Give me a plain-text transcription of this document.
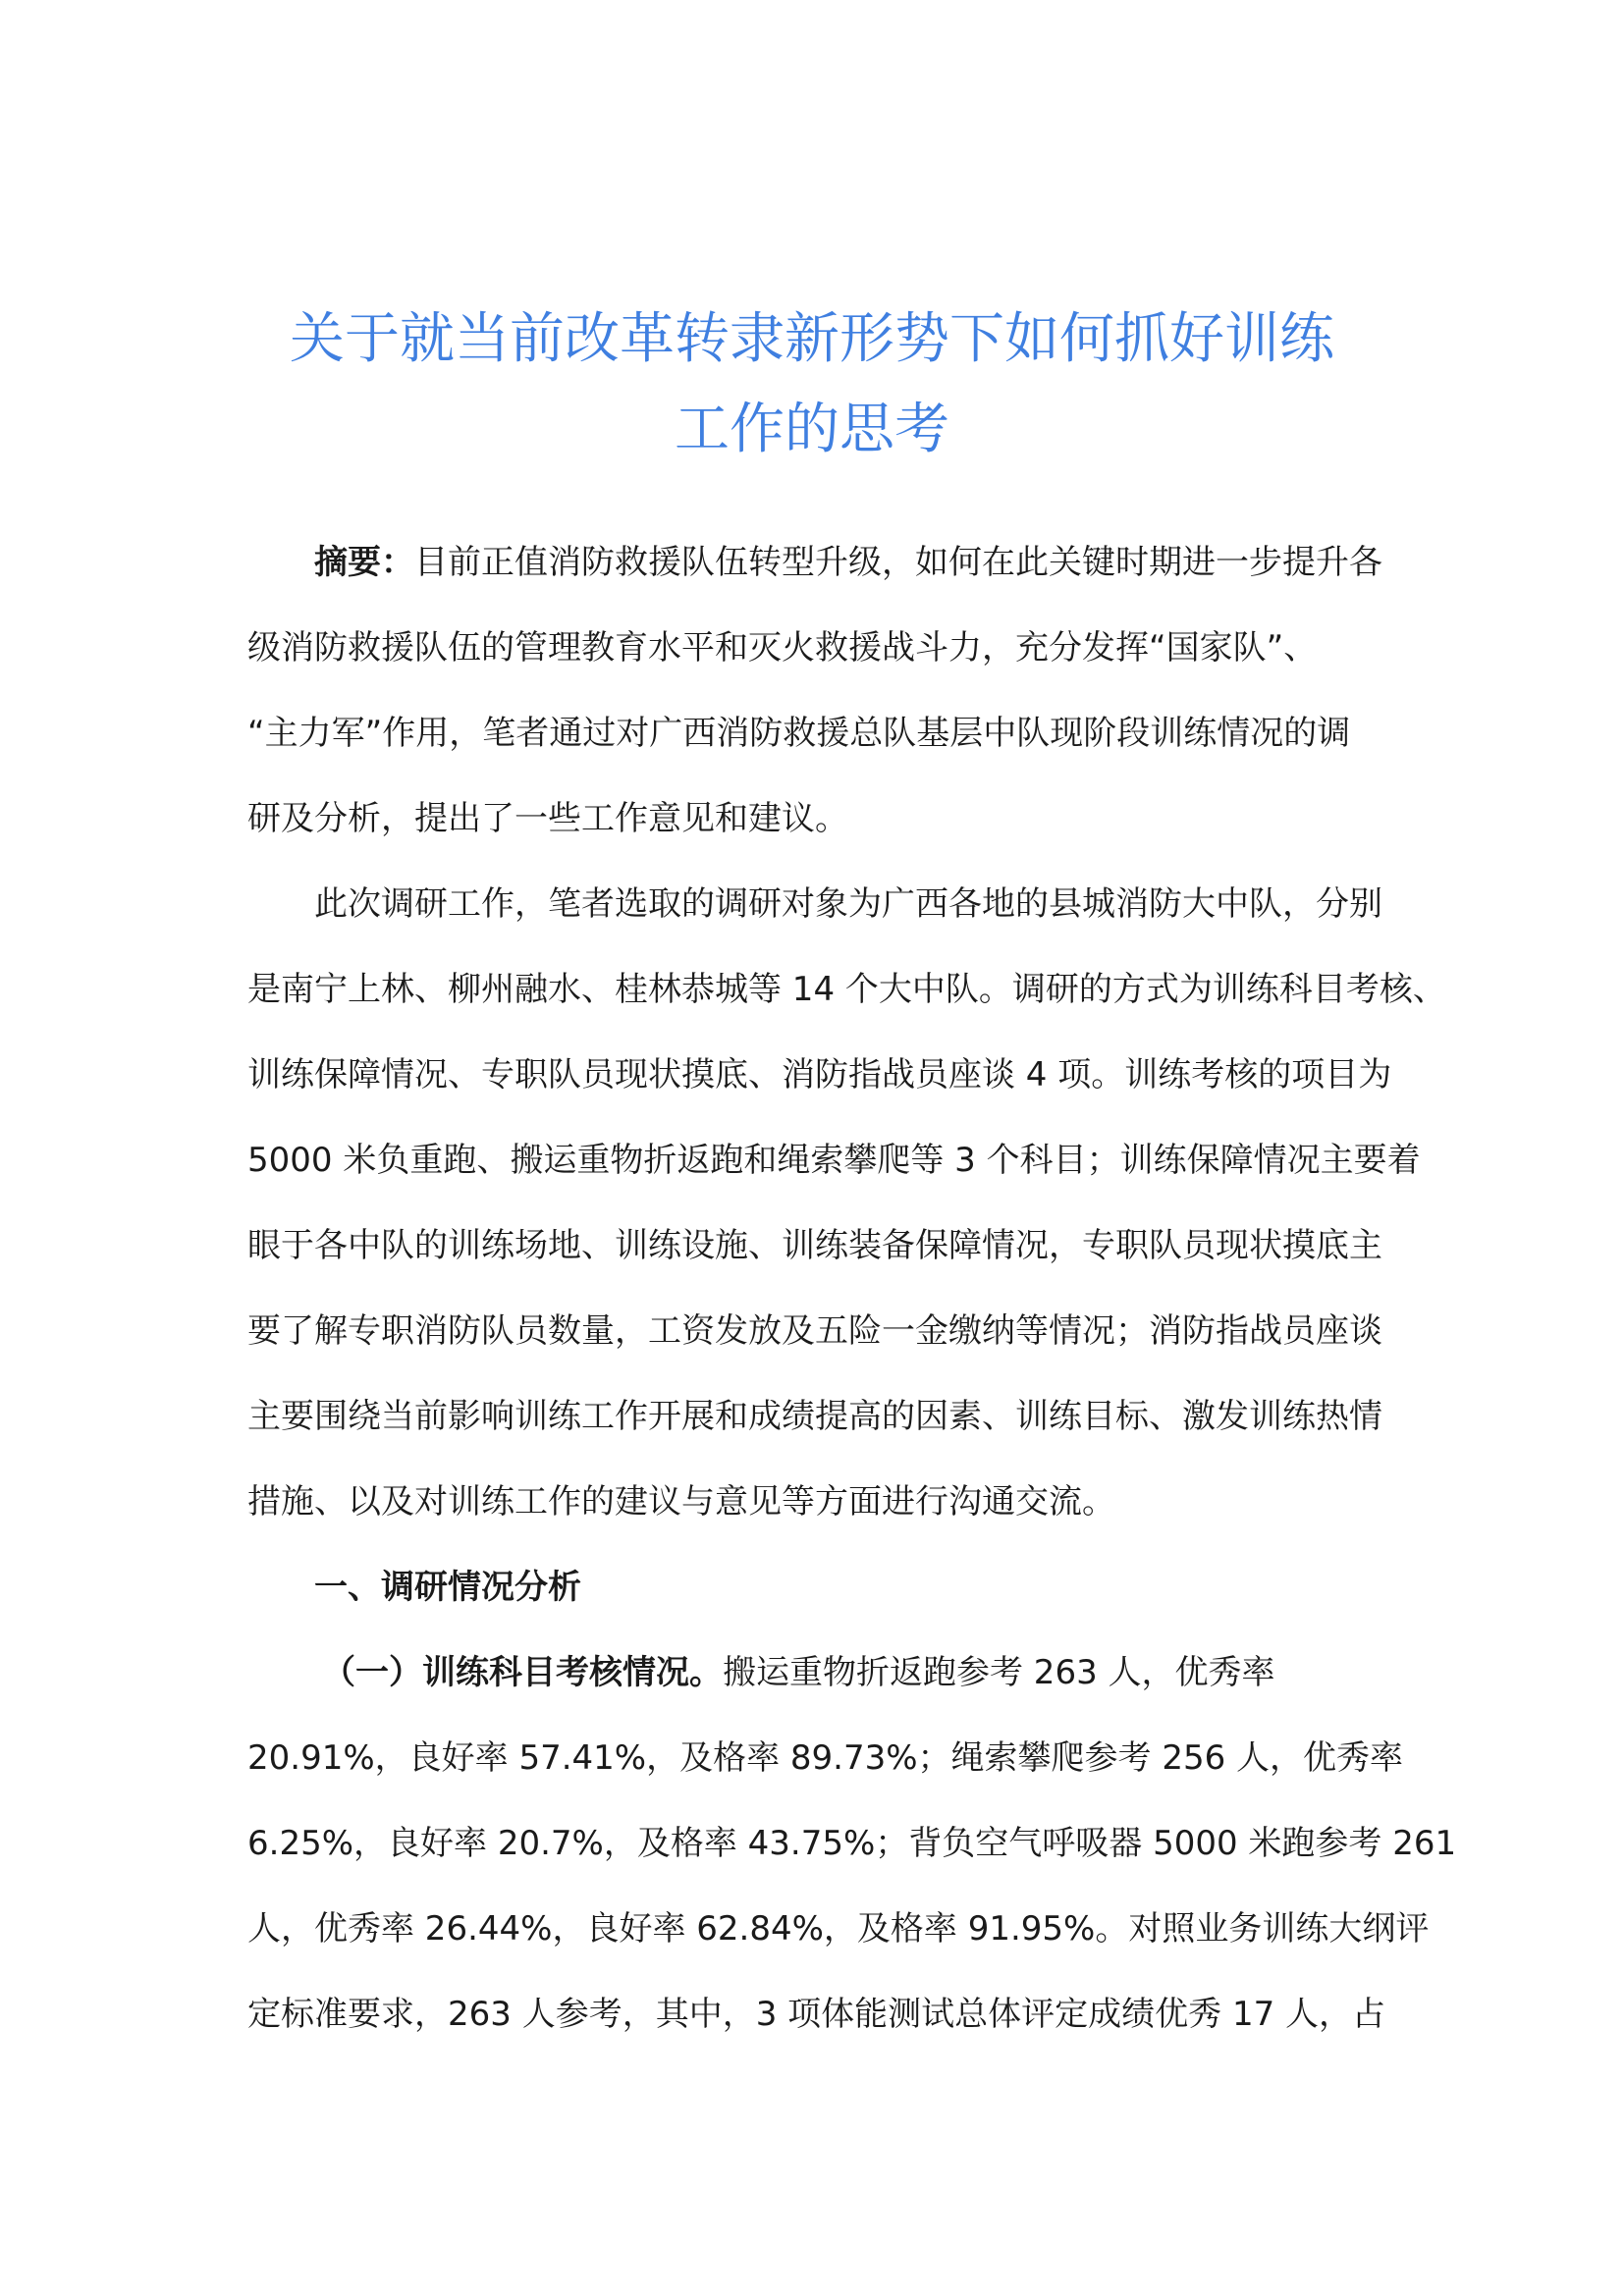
关于就当前改革转隶新形势下如何抓好训练
工作的思考

摘要：目前正值消防救援队伍转型升级，如何在此关键时期进一步提升各
级消防救援队伍的管理教育水平和灭火救援战斗力，充分发挥“国家队”、
“主力军”作用，笔者通过对广西消防救援总队基层中队现阶段训练情况的调
研及分析，提出了一些工作意见和建议。

此次调研工作，笔者选取的调研对象为广西各地的县城消防大中队，分别
是南宁上林、柳州融水、桂林恭城等 14 个大中队。调研的方式为训练科目考核、
训练保障情况、专职队员现状摸底、消防指战员座谈 4 项。训练考核的项目为
5000 米负重跑、搬运重物折返跑和绳索攀爬等 3 个科目；训练保障情况主要着
眼于各中队的训练场地、训练设施、训练装备保障情况，专职队员现状摸底主
要了解专职消防队员数量，工资发放及五险一金缴纳等情况；消防指战员座谈
主要围绕当前影响训练工作开展和成绩提高的因素、训练目标、激发训练热情
措施、以及对训练工作的建议与意见等方面进行沟通交流。

一、调研情况分析

（一）训练科目考核情况。搬运重物折返跑参考 263 人，优秀率
20.91%，良好率 57.41%，及格率 89.73%；绳索攀爬参考 256 人，优秀率
6.25%，良好率 20.7%，及格率 43.75%；背负空气呼吸器 5000 米跑参考 261
人，优秀率 26.44%，良好率 62.84%，及格率 91.95%。对照业务训练大纲评
定标准要求，263 人参考，其中，3 项体能测试总体评定成绩优秀 17 人，占
